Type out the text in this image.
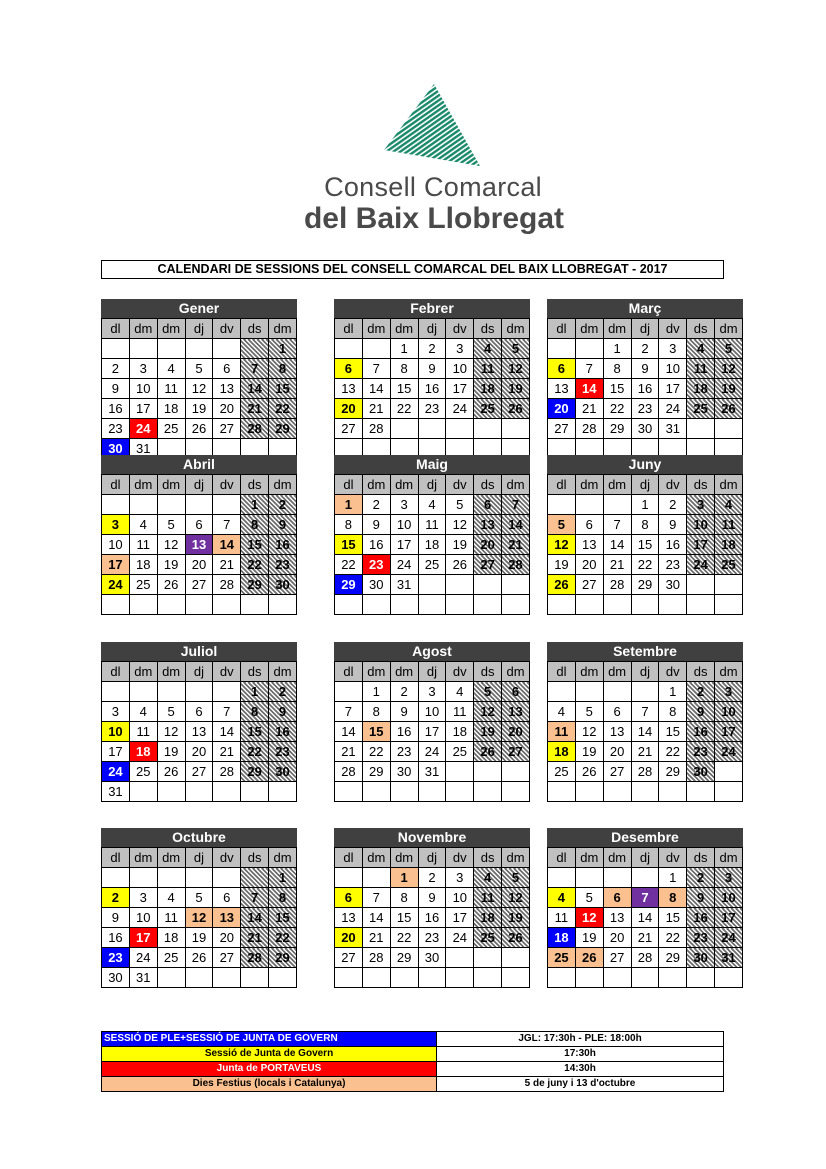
Consell Comarcal
del Baix Llobregat
CALENDARI DE SESSIONS DEL CONSELL COMARCAL DEL BAIX LLOBREGAT - 2017
Gener
dl	dm	dm	dj	dv	ds	dm
						1
2	3	4	5	6	7	8
9	10	11	12	13	14	15
16	17	18	19	20	21	22
23	24	25	26	27	28	29
30	31					
Febrer
dl	dm	dm	dj	dv	ds	dm
		1	2	3	4	5
6	7	8	9	10	11	12
13	14	15	16	17	18	19
20	21	22	23	24	25	26
27	28					

Març
dl	dm	dm	dj	dv	ds	dm
		1	2	3	4	5
6	7	8	9	10	11	12
13	14	15	16	17	18	19
20	21	22	23	24	25	26
27	28	29	30	31		

Abril
dl	dm	dm	dj	dv	ds	dm
					1	2
3	4	5	6	7	8	9
10	11	12	13	14	15	16
17	18	19	20	21	22	23
24	25	26	27	28	29	30

Maig
dl	dm	dm	dj	dv	ds	dm
1	2	3	4	5	6	7
8	9	10	11	12	13	14
15	16	17	18	19	20	21
22	23	24	25	26	27	28
29	30	31				

Juny
dl	dm	dm	dj	dv	ds	dm
			1	2	3	4
5	6	7	8	9	10	11
12	13	14	15	16	17	18
19	20	21	22	23	24	25
26	27	28	29	30		

Juliol
dl	dm	dm	dj	dv	ds	dm
					1	2
3	4	5	6	7	8	9
10	11	12	13	14	15	16
17	18	19	20	21	22	23
24	25	26	27	28	29	30
31						
Agost
dl	dm	dm	dj	dv	ds	dm
	1	2	3	4	5	6
7	8	9	10	11	12	13
14	15	16	17	18	19	20
21	22	23	24	25	26	27
28	29	30	31			

Setembre
dl	dm	dm	dj	dv	ds	dm
				1	2	3
4	5	6	7	8	9	10
11	12	13	14	15	16	17
18	19	20	21	22	23	24
25	26	27	28	29	30	

Octubre
dl	dm	dm	dj	dv	ds	dm
						1
2	3	4	5	6	7	8
9	10	11	12	13	14	15
16	17	18	19	20	21	22
23	24	25	26	27	28	29
30	31					
Novembre
dl	dm	dm	dj	dv	ds	dm
		1	2	3	4	5
6	7	8	9	10	11	12
13	14	15	16	17	18	19
20	21	22	23	24	25	26
27	28	29	30			

Desembre
dl	dm	dm	dj	dv	ds	dm
				1	2	3
4	5	6	7	8	9	10
11	12	13	14	15	16	17
18	19	20	21	22	23	24
25	26	27	28	29	30	31

SESSIÓ DE PLE+SESSIÓ DE JUNTA DE GOVERN	JGL: 17:30h - PLE: 18:00h
Sessió de Junta de Govern	17:30h
Junta de PORTAVEUS	14:30h
Dies Festius (locals i Catalunya)	5 de juny i 13 d'octubre
